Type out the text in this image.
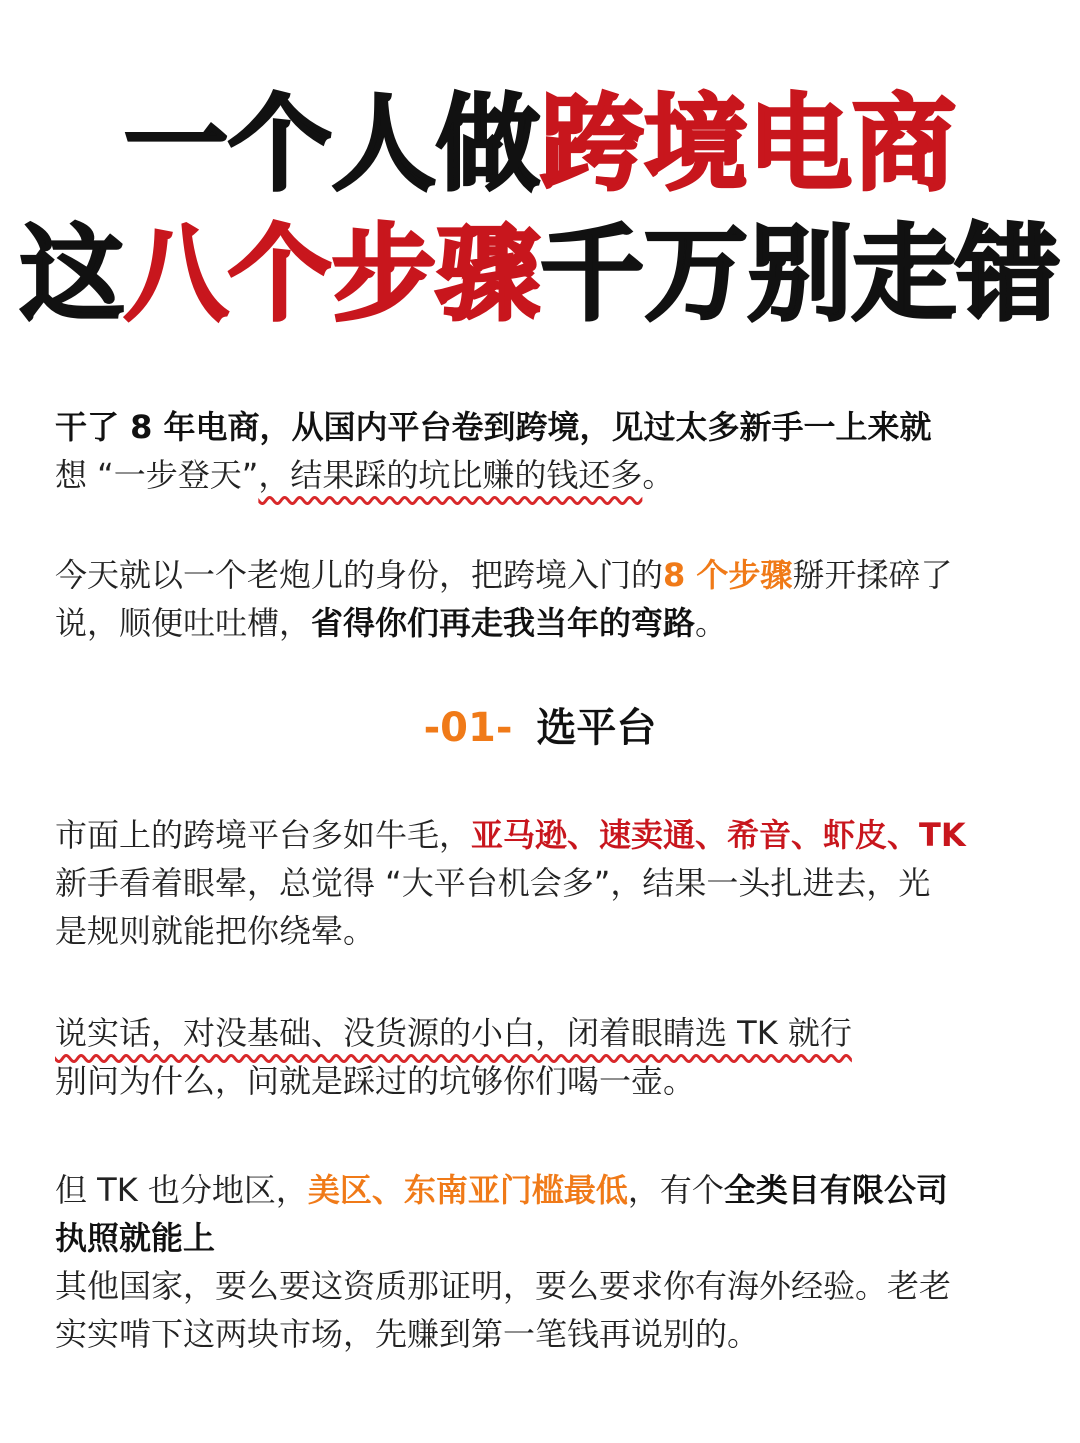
一个人做跨境电商
这八个步骤千万别走错
干了 8 年电商，从国内平台卷到跨境，见过太多新手一上来就
想 “一步登天”，结果踩的坑比赚的钱还多。
今天就以一个老炮儿的身份，把跨境入门的8 个步骤掰开揉碎了
说，顺便吐吐槽，省得你们再走我当年的弯路。
-01- 选平台
市面上的跨境平台多如牛毛，亚马逊、速卖通、希音、虾皮、TK
新手看着眼晕，总觉得 “大平台机会多”，结果一头扎进去，光
是规则就能把你绕晕。
说实话，对没基础、没货源的小白，闭着眼睛选 TK 就行
别问为什么，问就是踩过的坑够你们喝一壶。
但 TK 也分地区，美区、东南亚门槛最低，有个全类目有限公司
执照就能上
其他国家，要么要这资质那证明，要么要求你有海外经验。老老
实实啃下这两块市场，先赚到第一笔钱再说别的。
